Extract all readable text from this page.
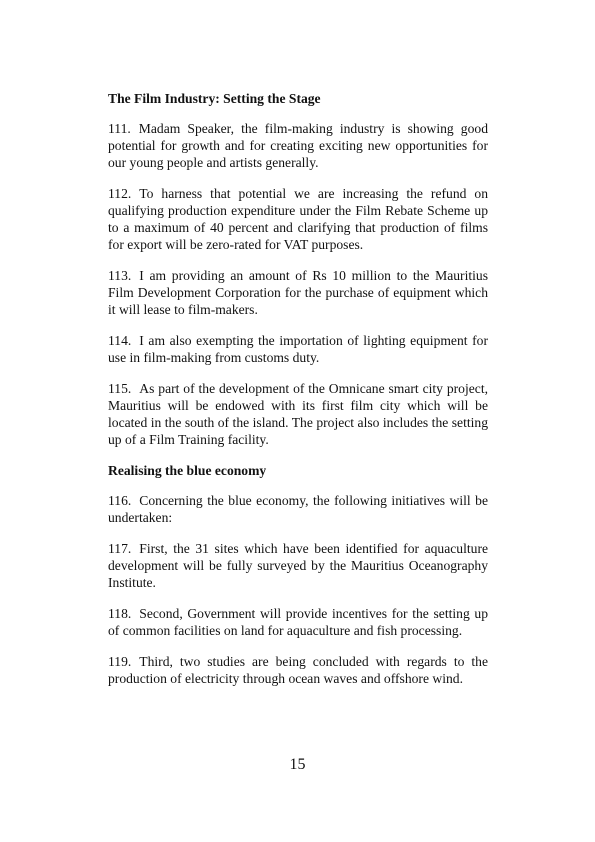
The Film Industry: Setting the Stage

111. Madam Speaker, the film-making industry is showing good potential for growth and for creating exciting new opportunities for our young people and artists generally.

112. To harness that potential we are increasing the refund on qualifying production expenditure under the Film Rebate Scheme up to a maximum of 40 percent and clarifying that production of films for export will be zero-rated for VAT purposes.

113. I am providing an amount of Rs 10 million to the Mauritius Film Development Corporation for the purchase of equipment which it will lease to film-makers.

114. I am also exempting the importation of lighting equipment for use in film-making from customs duty.

115. As part of the development of the Omnicane smart city project, Mauritius will be endowed with its first film city which will be located in the south of the island. The project also includes the setting up of a Film Training facility.

Realising the blue economy

116. Concerning the blue economy, the following initiatives will be undertaken:

117. First, the 31 sites which have been identified for aquaculture development will be fully surveyed by the Mauritius Oceanography Institute.

118. Second, Government will provide incentives for the setting up of common facilities on land for aquaculture and fish processing.

119. Third, two studies are being concluded with regards to the production of electricity through ocean waves and offshore wind.

15
